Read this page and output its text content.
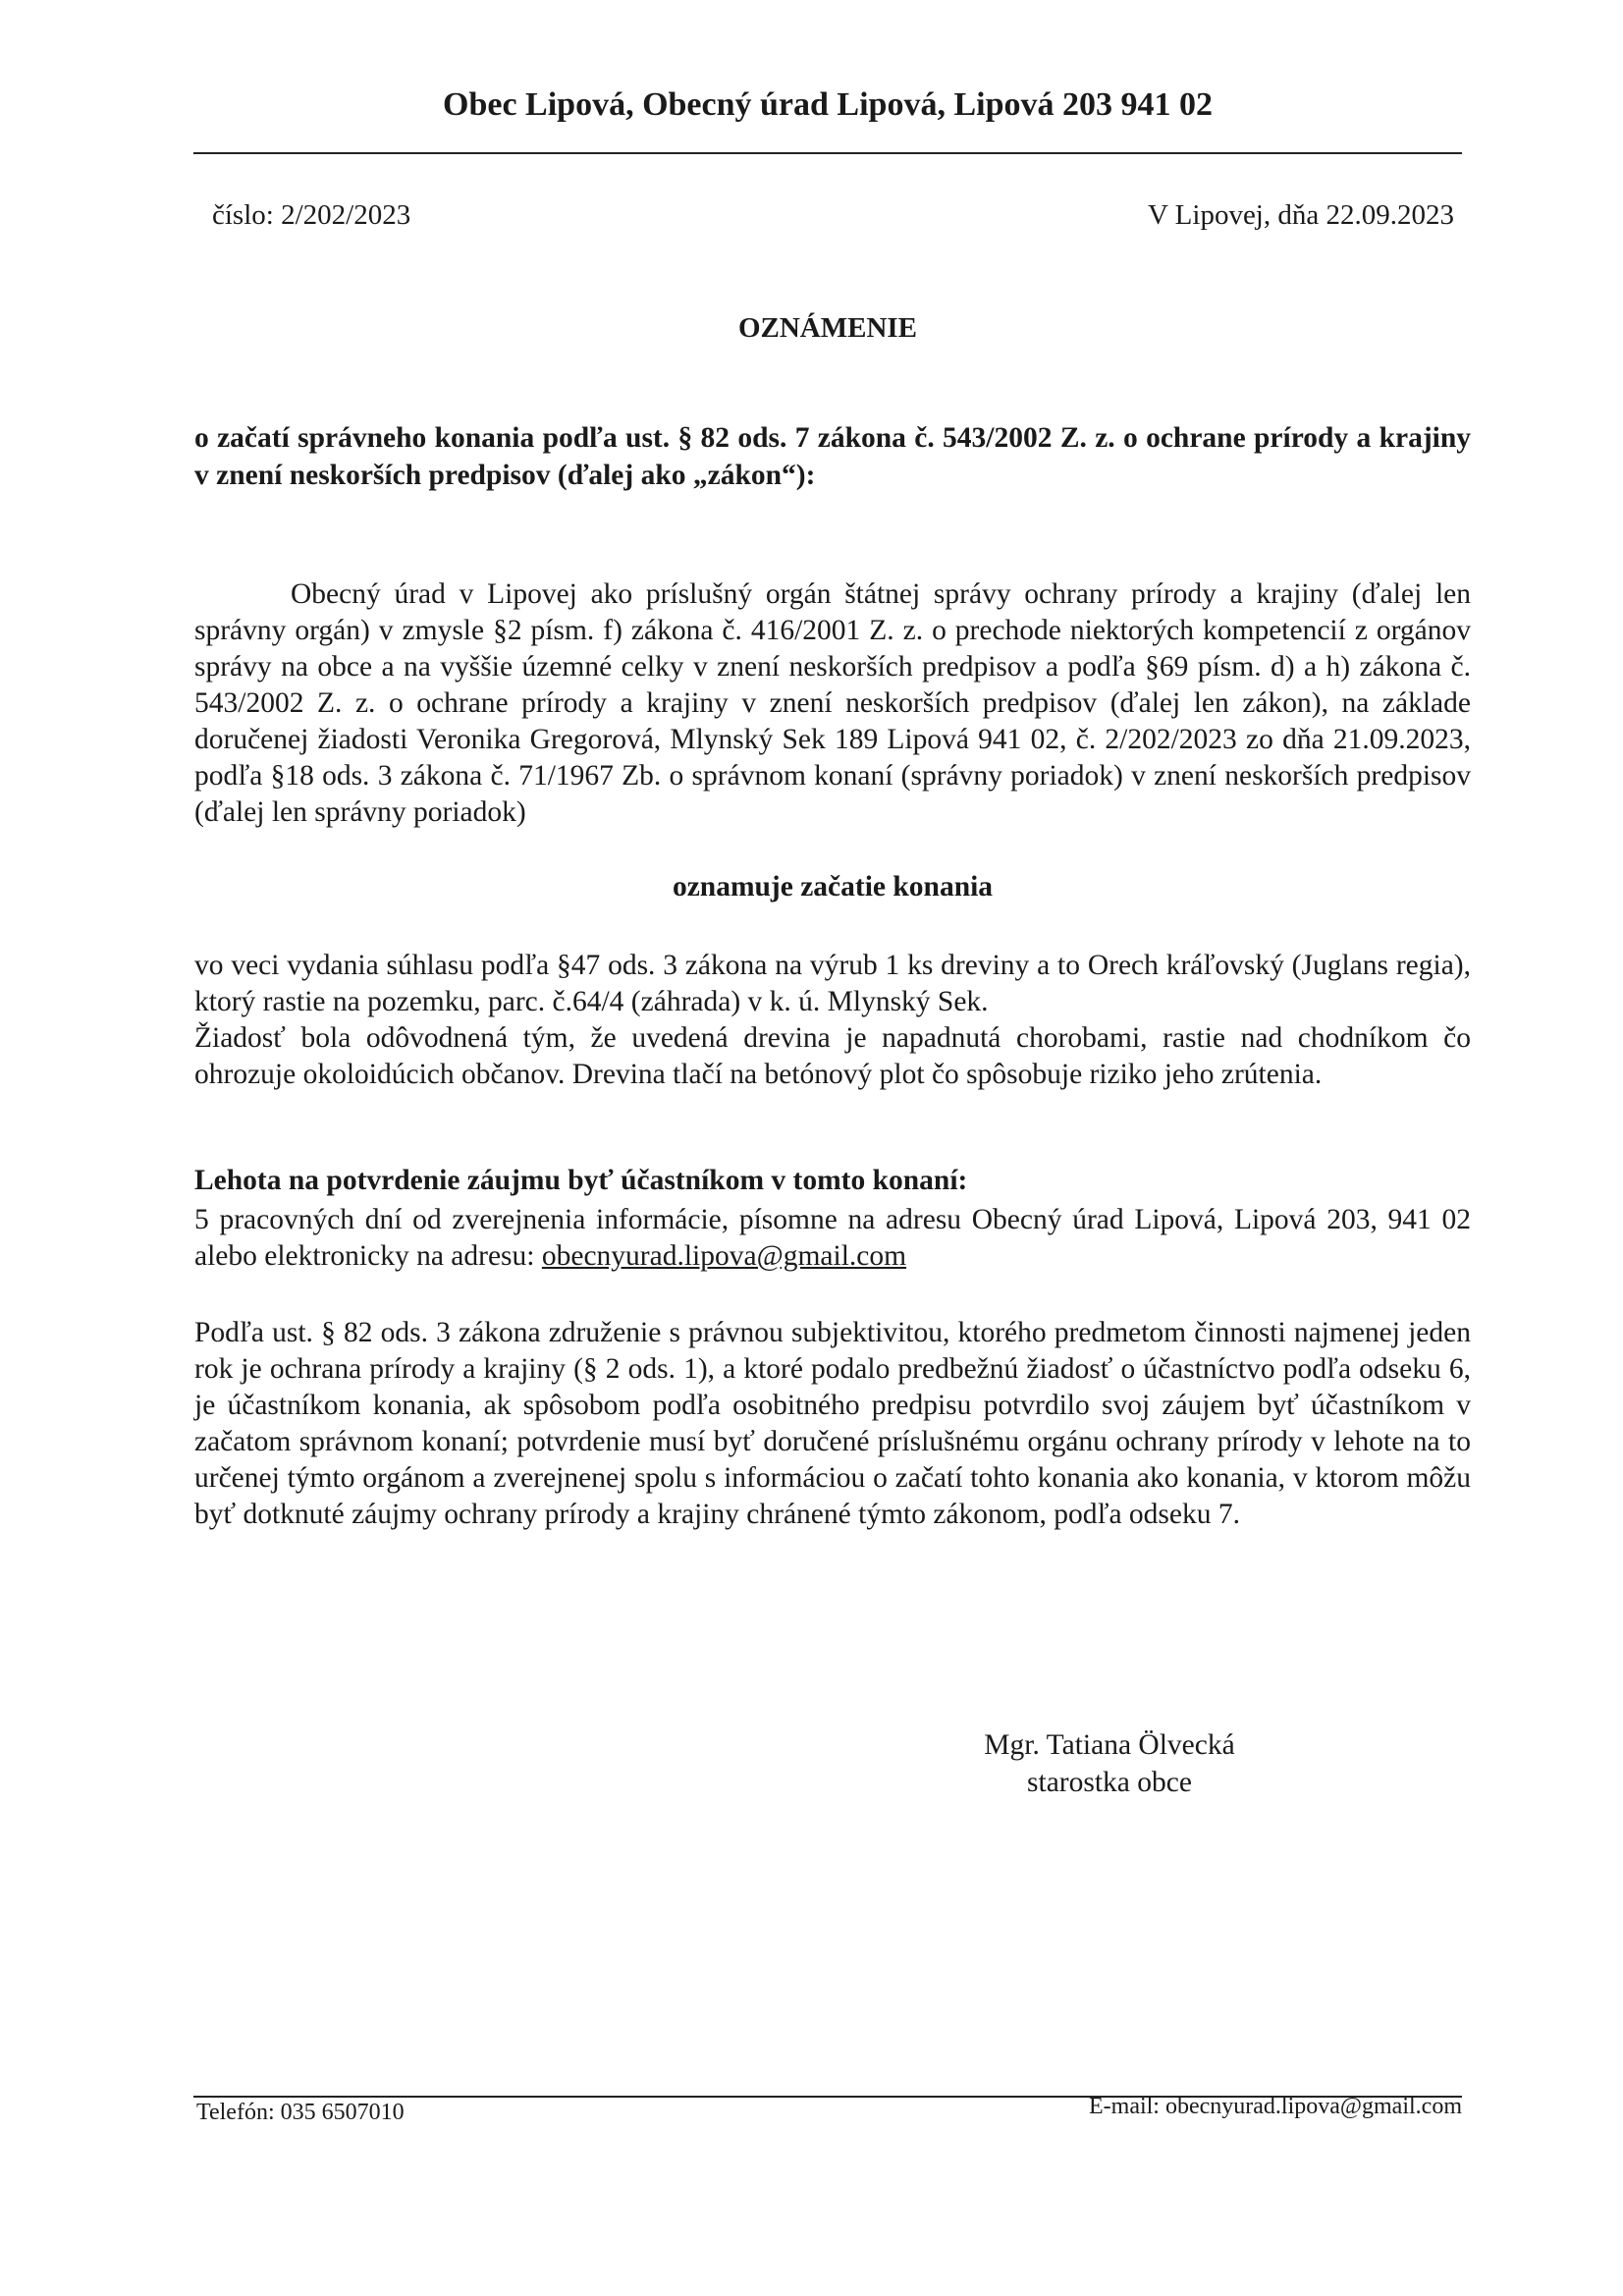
Obec Lipová, Obecný úrad Lipová, Lipová 203 941 02
číslo: 2/202/2023	V Lipovej, dňa 22.09.2023
OZNÁMENIE
o začatí správneho konania podľa ust. § 82 ods. 7 zákona č. 543/2002 Z. z. o ochrane prírody a krajiny v znení neskorších predpisov (ďalej ako „zákon“):
Obecný úrad v Lipovej ako príslušný orgán štátnej správy ochrany prírody a krajiny (ďalej len správny orgán) v zmysle §2 písm. f) zákona č. 416/2001 Z. z. o prechode niektorých kompetencií z orgánov správy na obce a na vyššie územné celky v znení neskorších predpisov a podľa §69 písm. d) a h) zákona č. 543/2002 Z. z. o ochrane prírody a krajiny v znení neskorších predpisov (ďalej len zákon), na základe doručenej žiadosti Veronika Gregorová, Mlynský Sek 189 Lipová 941 02, č. 2/202/2023 zo dňa 21.09.2023, podľa §18 ods. 3 zákona č. 71/1967 Zb. o správnom konaní (správny poriadok) v znení neskorších predpisov (ďalej len správny poriadok)
oznamuje začatie konania
vo veci vydania súhlasu podľa §47 ods. 3 zákona na výrub 1 ks dreviny a to Orech kráľovský (Juglans regia), ktorý rastie na pozemku, parc. č.64/4 (záhrada) v k. ú. Mlynský Sek.
Žiadosť bola odôvodnená tým, že uvedená drevina je napadnutá chorobami, rastie nad chodníkom čo ohrozuje okoloidúcich občanov. Drevina tlačí na betónový plot čo spôsobuje riziko jeho zrútenia.
Lehota na potvrdenie záujmu byť účastníkom v tomto konaní:
5 pracovných dní od zverejnenia informácie, písomne na adresu Obecný úrad Lipová, Lipová 203, 941 02 alebo elektronicky na adresu: obecnyurad.lipova@gmail.com
Podľa ust. § 82 ods. 3 zákona združenie s právnou subjektivitou, ktorého predmetom činnosti najmenej jeden rok je ochrana prírody a krajiny (§ 2 ods. 1), a ktoré podalo predbežnú žiadosť o účastníctvo podľa odseku 6, je účastníkom konania, ak spôsobom podľa osobitného predpisu potvrdilo svoj záujem byť účastníkom v začatom správnom konaní; potvrdenie musí byť doručené príslušnému orgánu ochrany prírody v lehote na to určenej týmto orgánom a zverejnenej spolu s informáciou o začatí tohto konania ako konania, v ktorom môžu byť dotknuté záujmy ochrany prírody a krajiny chránené týmto zákonom, podľa odseku 7.
Mgr. Tatiana Ölvecká
starostka obce
Telefón: 035 6507010	E-mail: obecnyurad.lipova@gmail.com
